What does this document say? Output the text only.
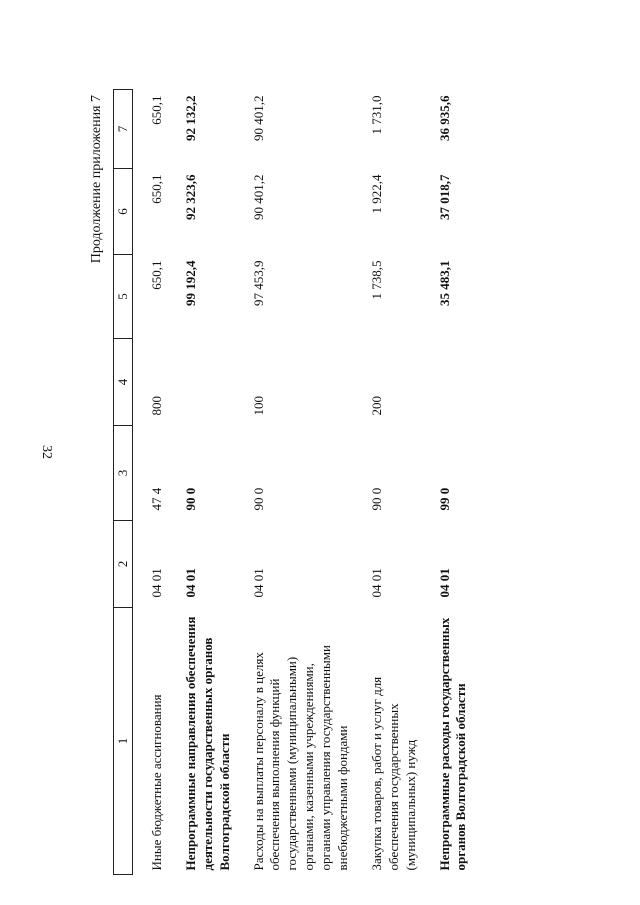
32
Продолжение приложения 7
1	2	3	4	5	6	7
Иные бюджетные ассигнования	04 01	47 4	800	650,1	650,1	650,1
Непрограммные направления обеспечения деятельности государственных органов Волгоградской области	04 01	90 0		99 192,4	92 323,6	92 132,2
Расходы на выплаты персоналу в целях обеспечения выполнения функций государственными (муниципальными) органами, казенными учреждениями, органами управления государственными внебюджетными фондами	04 01	90 0	100	97 453,9	90 401,2	90 401,2
Закупка товаров, работ и услуг для обеспечения государственных (муниципальных) нужд	04 01	90 0	200	1 738,5	1 922,4	1 731,0
Непрограммные расходы государственных органов Волгоградской области	04 01	99 0		35 483,1	37 018,7	36 935,6
